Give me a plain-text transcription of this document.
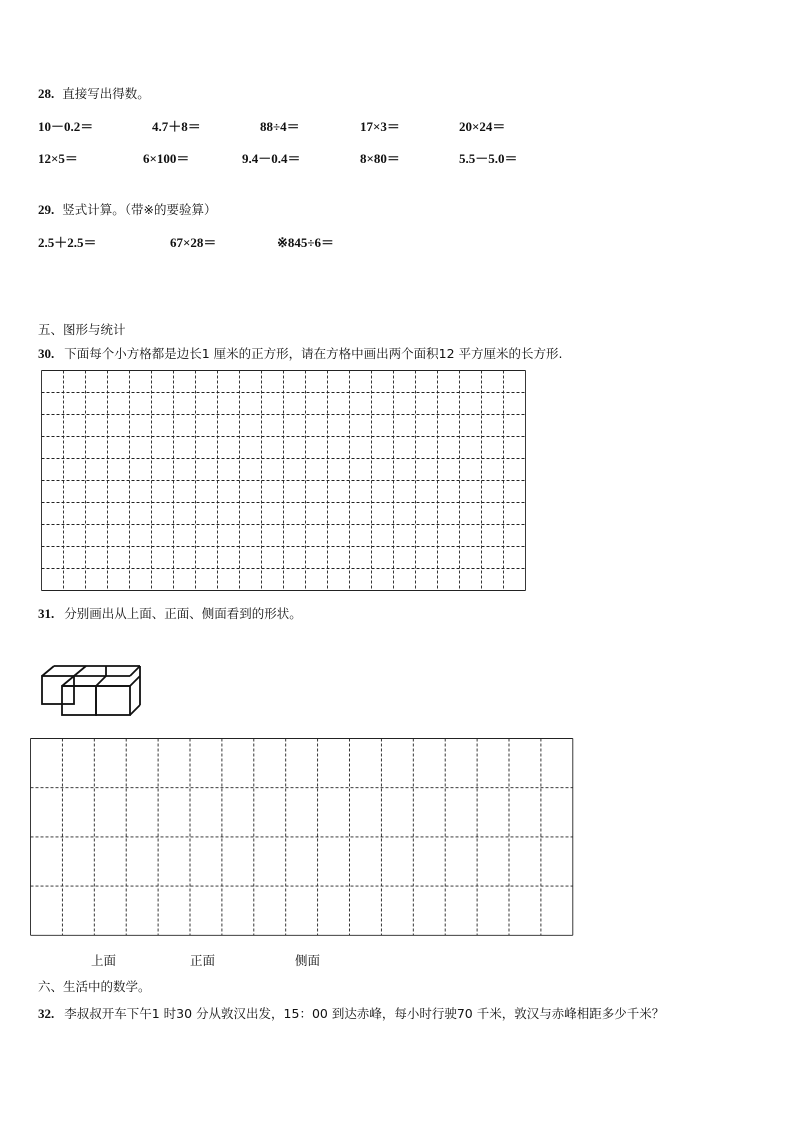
28. 直接写出得数。
10－0.2＝	4.7＋8＝	88÷4＝	17×3＝	20×24＝
12×5＝	6×100＝	9.4－0.4＝	8×80＝	5.5－5.0＝
29. 竖式计算。（带※的要验算）
2.5＋2.5＝	67×28＝	※845÷6＝
五、图形与统计
30. 下面每个小方格都是边长1 厘米的正方形，请在方格中画出两个面积12 平方厘米的长方形.
31. 分别画出从上面、正面、侧面看到的形状。
上面	正面	侧面
六、生活中的数学。
32. 李叔叔开车下午1 时30 分从敦汉出发，15：00 到达赤峰，每小时行驶70 千米，敦汉与赤峰相距多少千米？
